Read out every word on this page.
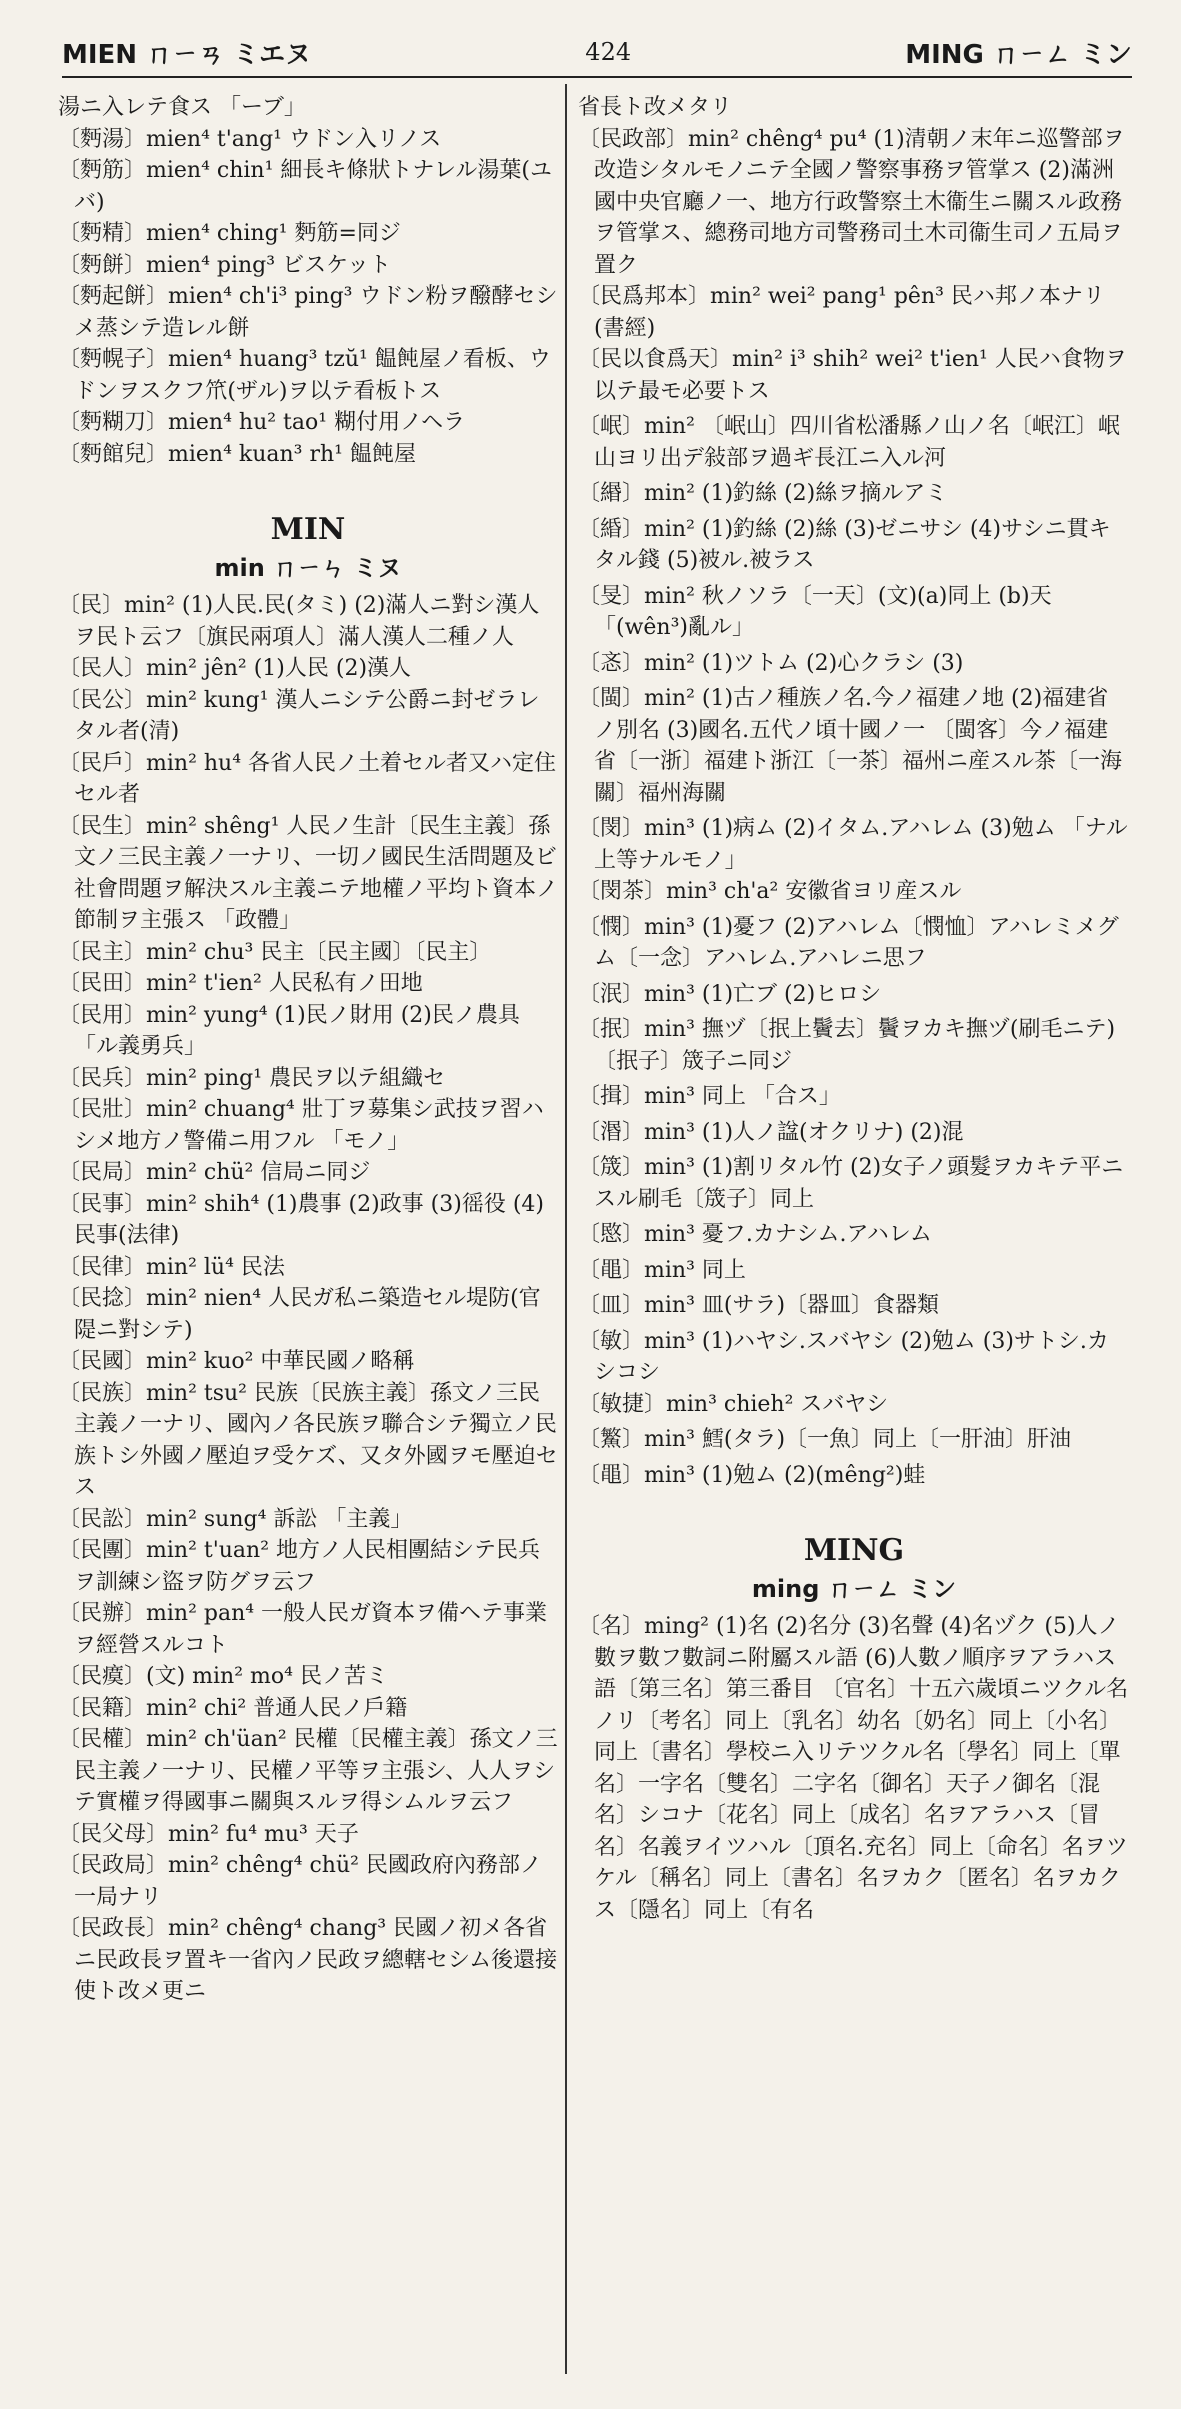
MIEN ㄇㄧㄢ ミエヌ	424	MING ㄇㄧㄥ ミン

湯ニ入レテ食ス 「ーブ」

〔麪湯〕mien⁴ t'ang¹ ウドン入リノス

〔麪筋〕mien⁴ chin¹ 細長キ條狀トナレル湯葉(ユバ)

〔麪精〕mien⁴ ching¹ 麪筋=同ジ

〔麪餅〕mien⁴ ping³ ビスケット

〔麪起餅〕mien⁴ ch'i³ ping³ ウドン粉ヲ醱酵セシメ蒸シテ造レル餅

〔麪幌子〕mien⁴ huang³ tzŭ¹ 饂飩屋ノ看板、ウドンヲスクフ笊(ザル)ヲ以テ看板トス

〔麪糊刀〕mien⁴ hu² tao¹ 糊付用ノヘラ

〔麪館兒〕mien⁴ kuan³ rh¹ 饂飩屋

MIN
min ㄇㄧㄣ ミヌ

〔民〕min² (1)人民.民(タミ) (2)滿人ニ對シ漢人ヲ民ト云フ〔旗民兩項人〕滿人漢人二種ノ人

〔民人〕min² jên² (1)人民 (2)漢人

〔民公〕min² kung¹ 漢人ニシテ公爵ニ封ゼラレタル者(清)

〔民戶〕min² hu⁴ 各省人民ノ土着セル者又ハ定住セル者

〔民生〕min² shêng¹ 人民ノ生計〔民生主義〕孫文ノ三民主義ノ一ナリ、一切ノ國民生活問題及ビ社會問題ヲ解決スル主義ニテ地權ノ平均ト資本ノ節制ヲ主張ス 「政體」

〔民主〕min² chu³ 民主〔民主國〕〔民主〕

〔民田〕min² t'ien² 人民私有ノ田地

〔民用〕min² yung⁴ (1)民ノ財用 (2)民ノ農具 「ル義勇兵」

〔民兵〕min² ping¹ 農民ヲ以テ組織セ

〔民壯〕min² chuang⁴ 壯丁ヲ募集シ武技ヲ習ハシメ地方ノ警備ニ用フル 「モノ」

〔民局〕min² chü² 信局ニ同ジ

〔民事〕min² shih⁴ (1)農事 (2)政事 (3)徭役 (4)民事(法律)

〔民律〕min² lü⁴ 民法

〔民捻〕min² nien⁴ 人民ガ私ニ築造セル堤防(官隄ニ對シテ)

〔民國〕min² kuo² 中華民國ノ略稱

〔民族〕min² tsu² 民族〔民族主義〕孫文ノ三民主義ノ一ナリ、國內ノ各民族ヲ聯合シテ獨立ノ民族トシ外國ノ壓迫ヲ受ケズ、又タ外國ヲモ壓迫セス

〔民訟〕min² sung⁴ 訴訟 「主義」

〔民團〕min² t'uan² 地方ノ人民相團結シテ民兵ヲ訓練シ盜ヲ防グヲ云フ

〔民辦〕min² pan⁴ 一般人民ガ資本ヲ備ヘテ事業ヲ經營スルコト

〔民瘼〕(文) min² mo⁴ 民ノ苦ミ

〔民籍〕min² chi² 普通人民ノ戶籍

〔民權〕min² ch'üan² 民權〔民權主義〕孫文ノ三民主義ノ一ナリ、民權ノ平等ヲ主張シ、人人ヲシテ實權ヲ得國事ニ關與スルヲ得シムルヲ云フ

〔民父母〕min² fu⁴ mu³ 天子

〔民政局〕min² chêng⁴ chü² 民國政府內務部ノ一局ナリ

〔民政長〕min² chêng⁴ chang³ 民國ノ初メ各省ニ民政長ヲ置キ一省內ノ民政ヲ總轄セシム後還接使ト改メ更ニ

省長ト改メタリ

〔民政部〕min² chêng⁴ pu⁴ (1)清朝ノ末年ニ巡警部ヲ改造シタルモノニテ全國ノ警察事務ヲ管掌ス (2)滿洲國中央官廳ノ一、地方行政警察土木衞生ニ關スル政務ヲ管掌ス、總務司地方司警務司土木司衞生司ノ五局ヲ置ク

〔民爲邦本〕min² wei² pang¹ pên³ 民ハ邦ノ本ナリ(書經)

〔民以食爲天〕min² i³ shih² wei² t'ien¹ 人民ハ食物ヲ以テ最モ必要トス

〔岷〕min² 〔岷山〕四川省松潘縣ノ山ノ名〔岷江〕岷山ヨリ出デ敍部ヲ過ギ長江ニ入ル河

〔緡〕min² (1)釣絲 (2)絲ヲ摘ルアミ

〔緍〕min² (1)釣絲 (2)絲 (3)ゼニサシ (4)サシニ貫キタル錢 (5)被ル.被ラス

〔旻〕min² 秋ノソラ〔一天〕(文)(a)同上 (b)天 「(wên³)亂ル」

〔忞〕min² (1)ツトム (2)心クラシ (3)

〔閩〕min² (1)古ノ種族ノ名.今ノ福建ノ地 (2)福建省ノ別名 (3)國名.五代ノ頃十國ノ一 〔閩客〕今ノ福建省〔一浙〕福建ト浙江〔一茶〕福州ニ産スル茶〔一海關〕福州海關

〔閔〕min³ (1)病ム (2)イタム.アハレム (3)勉ム 「ナル上等ナルモノ」

〔閔茶〕min³ ch'a² 安徽省ヨリ産スル

〔憫〕min³ (1)憂フ (2)アハレム〔憫恤〕アハレミメグム〔一念〕アハレム.アハレニ思フ

〔泯〕min³ (1)亡ブ (2)ヒロシ

〔抿〕min³ 撫ヅ〔抿上鬢去〕鬢ヲカキ撫ヅ(刷毛ニテ)〔抿子〕筬子ニ同ジ

〔揖〕min³ 同上 「合ス」

〔湣〕min³ (1)人ノ諡(オクリナ) (2)混

〔筬〕min³ (1)割リタル竹 (2)女子ノ頭髮ヲカキテ平ニスル刷毛〔筬子〕同上

〔愍〕min³ 憂フ.カナシム.アハレム

〔黽〕min³ 同上

〔皿〕min³ 皿(サラ)〔器皿〕食器類

〔敏〕min³ (1)ハヤシ.スバヤシ (2)勉ム (3)サトシ.カシコシ

〔敏捷〕min³ chieh² スバヤシ

〔鰵〕min³ 鱈(タラ)〔一魚〕同上〔一肝油〕肝油

〔黽〕min³ (1)勉ム (2)(mêng²)蛙

MING
ming ㄇㄧㄥ ミン

〔名〕ming² (1)名 (2)名分 (3)名聲 (4)名ヅク (5)人ノ數ヲ數フ數詞ニ附屬スル語 (6)人數ノ順序ヲアラハス語〔第三名〕第三番目 〔官名〕十五六歲頃ニツクル名ノリ〔考名〕同上〔乳名〕幼名〔奶名〕同上〔小名〕同上〔書名〕學校ニ入リテツクル名〔學名〕同上〔單名〕一字名〔雙名〕二字名〔御名〕天子ノ御名〔混名〕シコナ〔花名〕同上〔成名〕名ヲアラハス〔冒名〕名義ヲイツハル〔頂名.充名〕同上〔命名〕名ヲツケル〔稱名〕同上〔書名〕名ヲカク〔匿名〕名ヲカクス〔隱名〕同上〔有名
